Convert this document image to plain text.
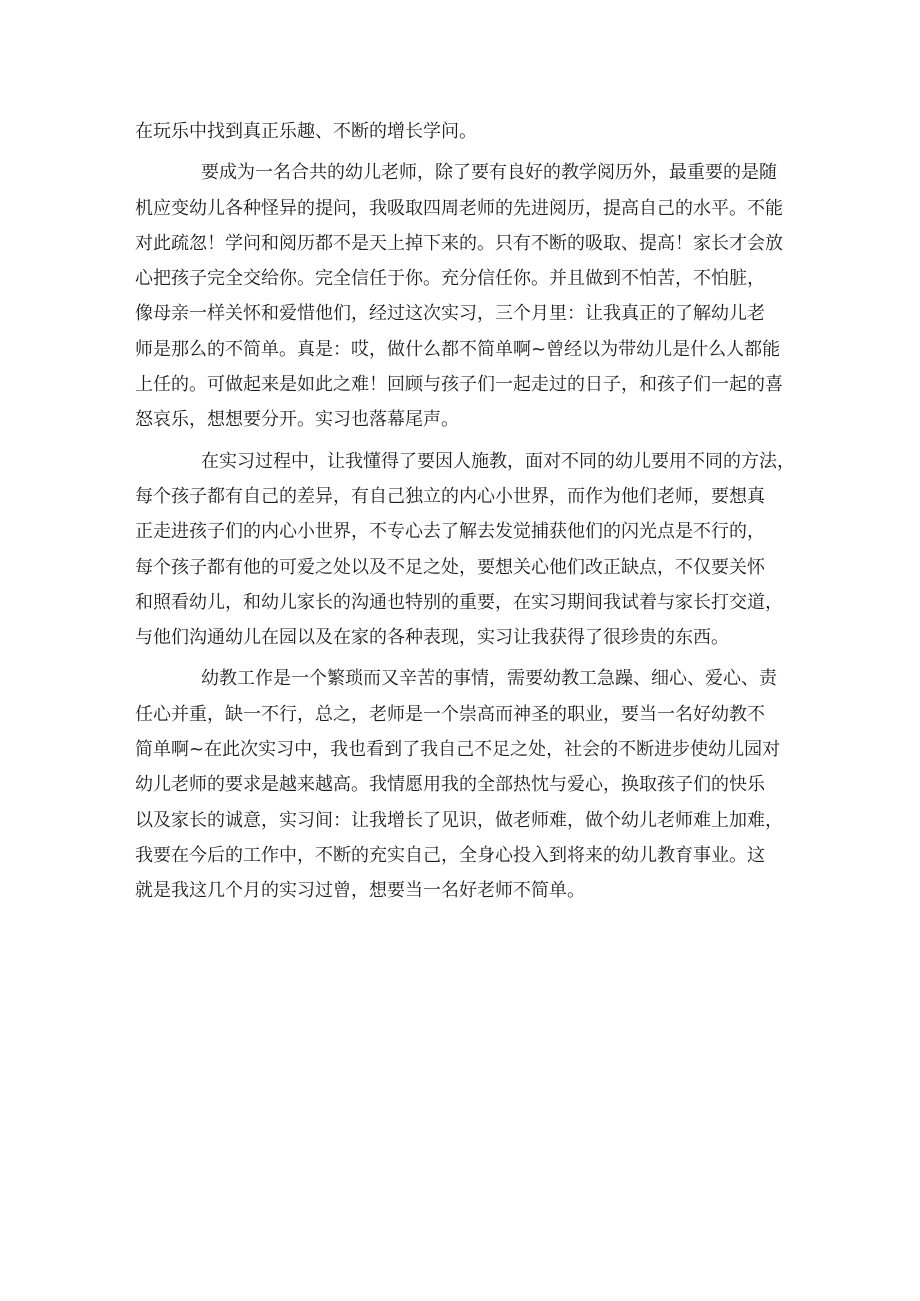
在玩乐中找到真正乐趣、不断的增长学问。
要成为一名合共的幼儿老师，除了要有良好的教学阅历外，最重要的是随
机应变幼儿各种怪异的提问，我吸取四周老师的先进阅历，提高自己的水平。不能
对此疏忽！学问和阅历都不是天上掉下来的。只有不断的吸取、提高！家长才会放
心把孩子完全交给你。完全信任于你。充分信任你。并且做到不怕苦，不怕脏，
像母亲一样关怀和爱惜他们，经过这次实习，三个月里：让我真正的了解幼儿老
师是那么的不简单。真是：哎，做什么都不简单啊~曾经以为带幼儿是什么人都能
上任的。可做起来是如此之难！回顾与孩子们一起走过的日子，和孩子们一起的喜
怒哀乐，想想要分开。实习也落幕尾声。
在实习过程中，让我懂得了要因人施教，面对不同的幼儿要用不同的方法，
每个孩子都有自己的差异，有自己独立的内心小世界，而作为他们老师，要想真
正走进孩子们的内心小世界，不专心去了解去发觉捕获他们的闪光点是不行的，
每个孩子都有他的可爱之处以及不足之处，要想关心他们改正缺点，不仅要关怀
和照看幼儿，和幼儿家长的沟通也特别的重要，在实习期间我试着与家长打交道，
与他们沟通幼儿在园以及在家的各种表现，实习让我获得了很珍贵的东西。
幼教工作是一个繁琐而又辛苦的事情，需要幼教工急躁、细心、爱心、责
任心并重，缺一不行，总之，老师是一个崇高而神圣的职业，要当一名好幼教不
简单啊~在此次实习中，我也看到了我自己不足之处，社会的不断进步使幼儿园对
幼儿老师的要求是越来越高。我情愿用我的全部热忱与爱心，换取孩子们的快乐
以及家长的诚意，实习间：让我增长了见识，做老师难，做个幼儿老师难上加难，
我要在今后的工作中，不断的充实自己，全身心投入到将来的幼儿教育事业。这
就是我这几个月的实习过曾，想要当一名好老师不简单。
